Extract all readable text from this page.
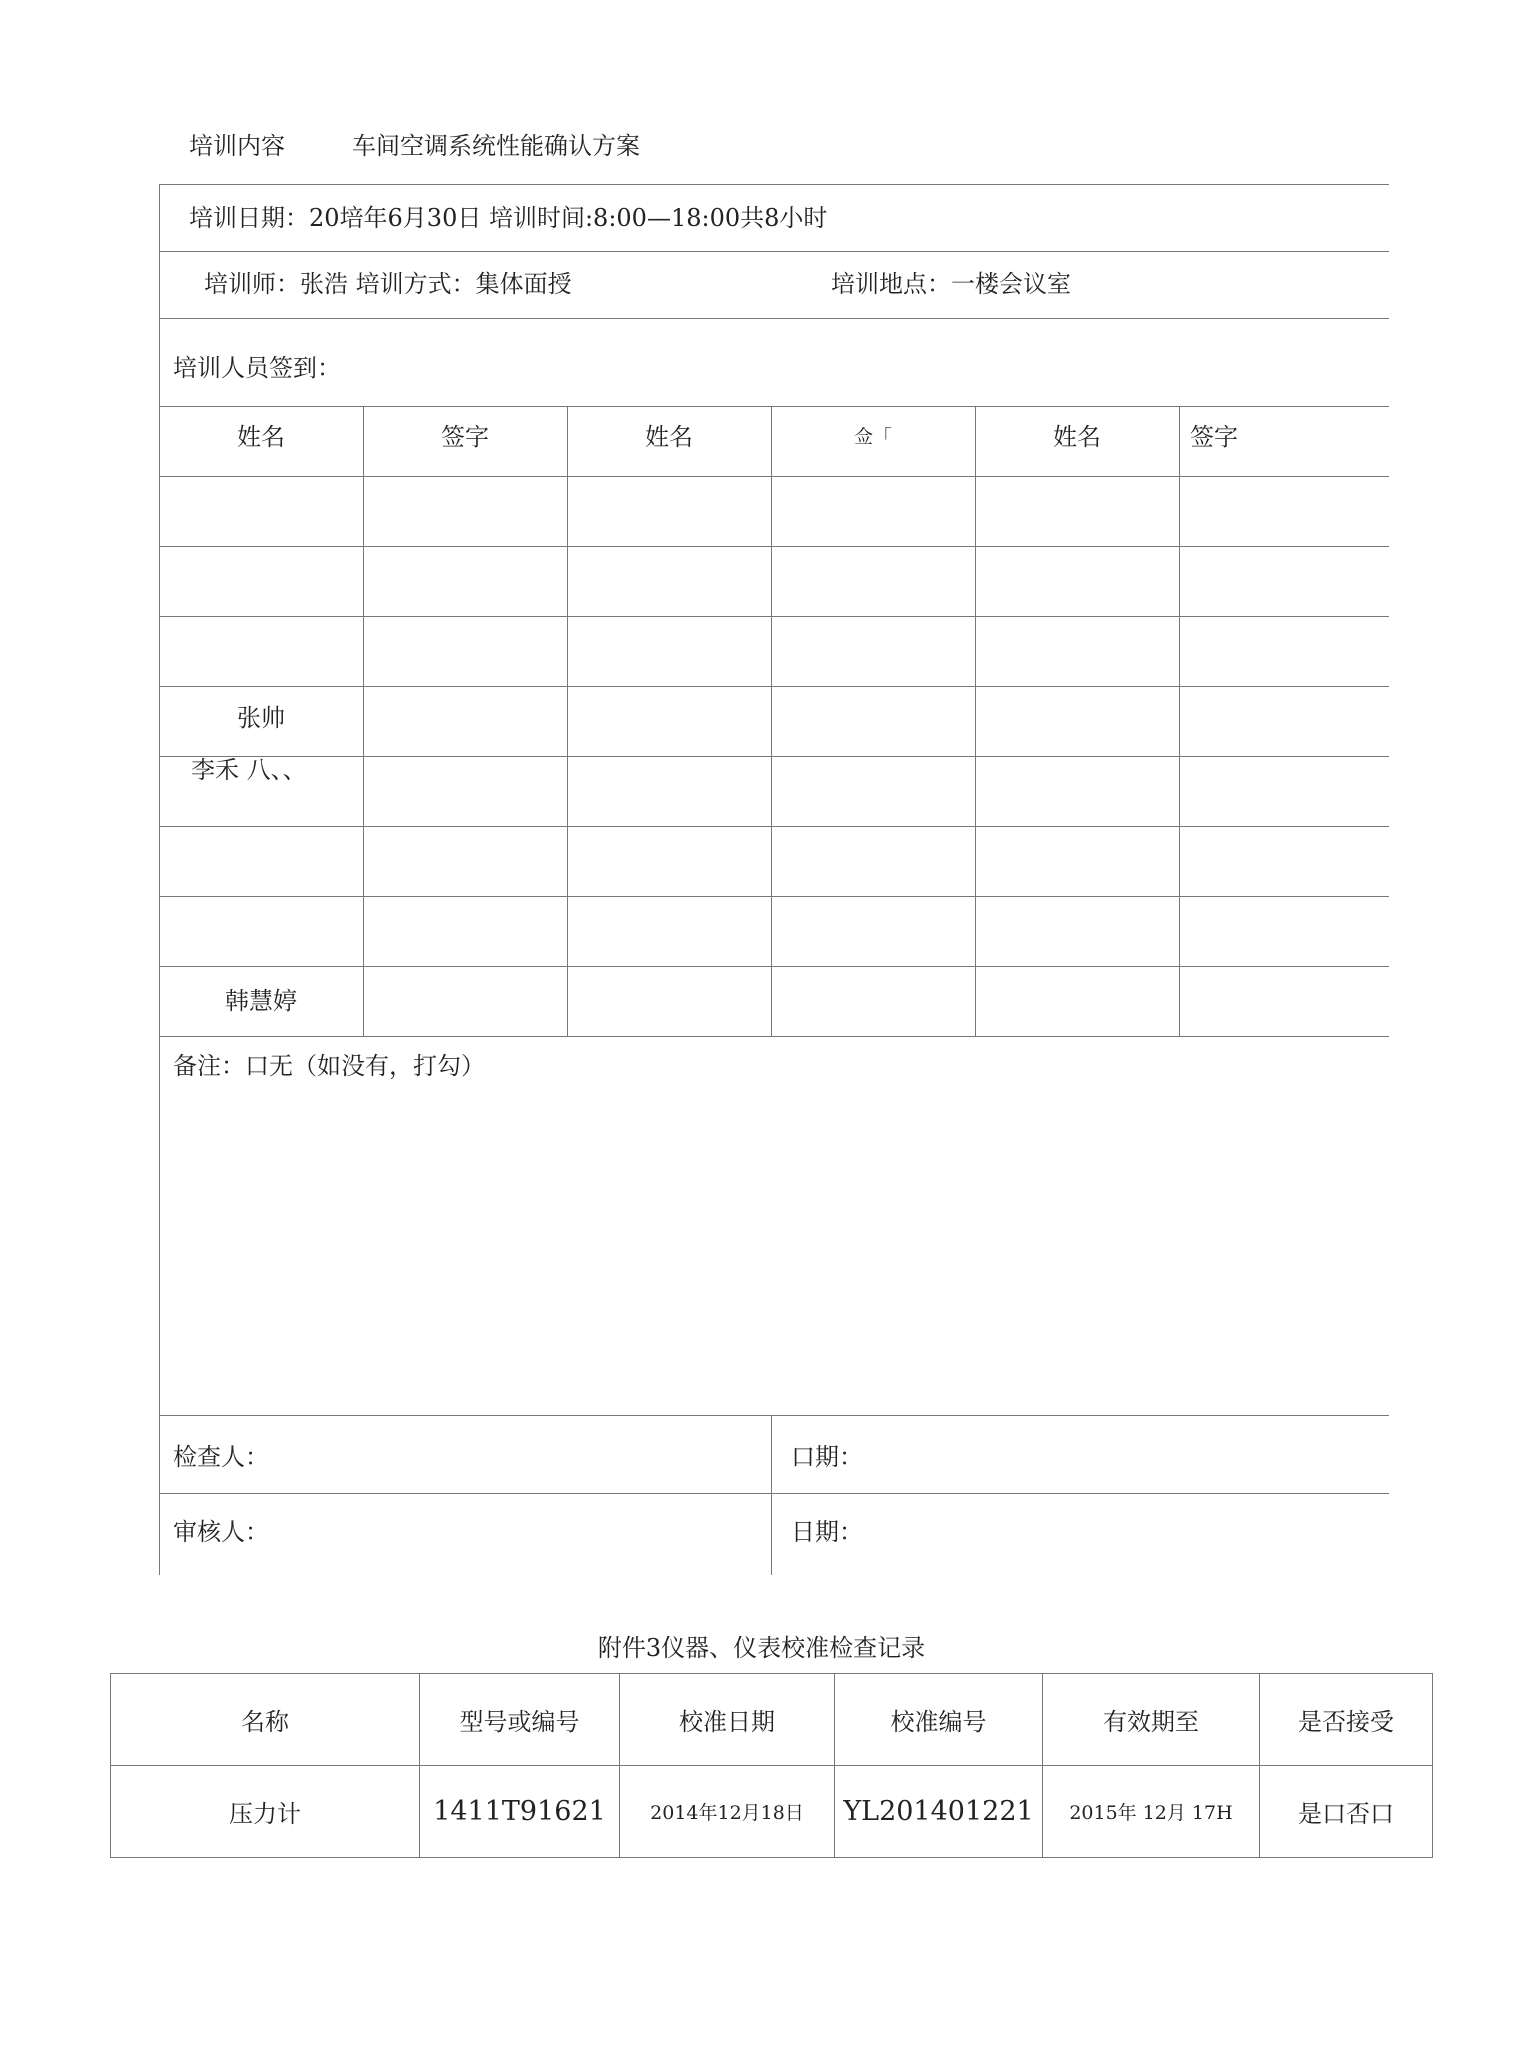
培训内容	车间空调系统性能确认方案
培训日期：20培年6月30日 培训时间:8:00—18:00共8小时
培训师：张浩 培训方式：集体面授	培训地点：一楼会议室
培训人员签到：
姓名	签字	姓名	佥「	姓名	签字
张帅
李禾 八、、
韩慧婷
备注：口无（如没有，打勾）
检查人：	口期：
审核人：	日期：
附件3仪器、仪表校准检查记录
名称	型号或编号	校准日期	校准编号	有效期至	是否接受
压力计	1411T91621	2014年12月18日	YL201401221	2015年 12月 17H	是口否口
